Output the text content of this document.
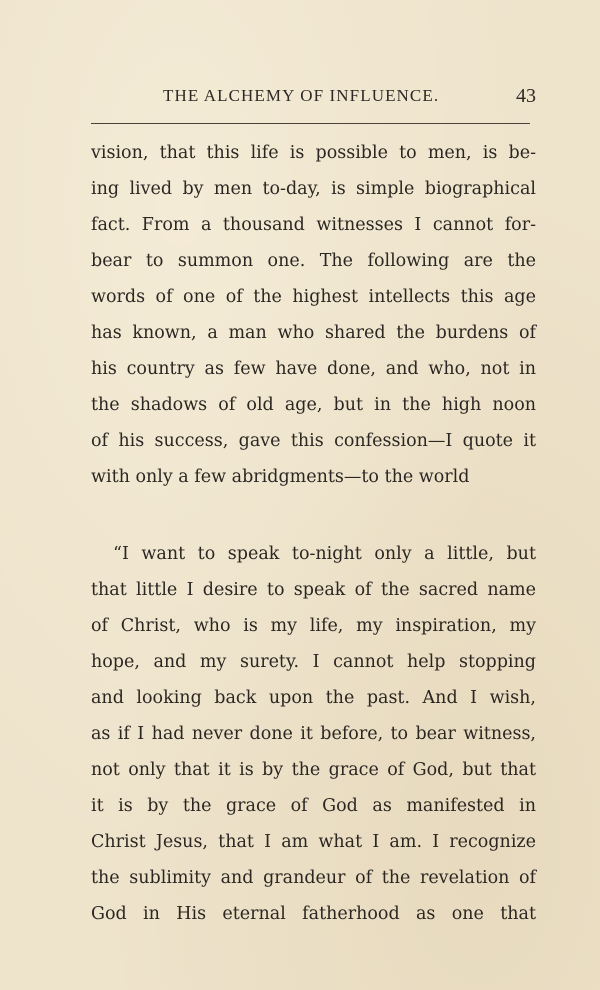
THE ALCHEMY OF INFLUENCE.	43
vision, that this life is possible to men, is be-
ing lived by men to-day, is simple biographical
fact. From a thousand witnesses I cannot for-
bear to summon one. The following are the
words of one of the highest intellects this age
has known, a man who shared the burdens of
his country as few have done, and who, not in
the shadows of old age, but in the high noon
of his success, gave this confession—I quote it
with only a few abridgments—to the world
“I want to speak to-night only a little, but
that little I desire to speak of the sacred name
of Christ, who is my life, my inspiration, my
hope, and my surety. I cannot help stopping
and looking back upon the past. And I wish,
as if I had never done it before, to bear witness,
not only that it is by the grace of God, but that
it is by the grace of God as manifested in
Christ Jesus, that I am what I am. I recognize
the sublimity and grandeur of the revelation of
God in His eternal fatherhood as one that
